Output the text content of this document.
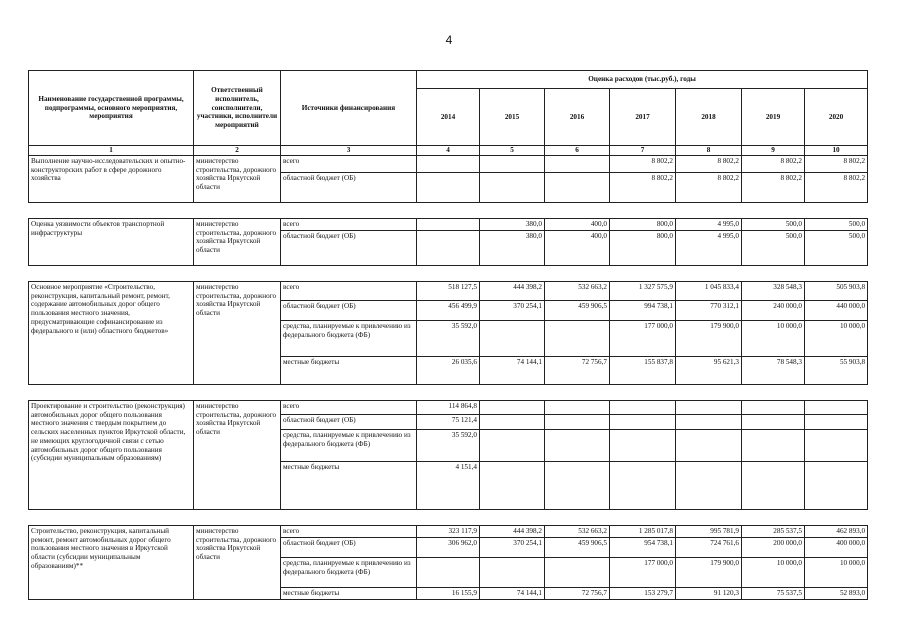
4
Наименование государственной программы, подпрограммы, основного мероприятия, мероприятия	Ответственный исполнитель, соисполнители, участники, исполнители мероприятий	Источники финансирования	Оценка расходов (тыс.руб.), годы						
			2014	2015	2016	2017	2018	2019	2020
1	2	3	4	5	6	7	8	9	10
Выполнение научно-исследовательских и опытно-конструкторских работ в сфере дорожного хозяйства	министерство строительства, дорожного хозяйства Иркутской области	всего				8 802,2	8 802,2	8 802,2	8 802,2
		областной бюджет (ОБ)				8 802,2	8 802,2	8 802,2	8 802,2

Оценка уязвимости объектов транспортной инфраструктуры	министерство строительства, дорожного хозяйства Иркутской области	всего		380,0	400,0	800,0	4 995,0	500,0	500,0
		областной бюджет (ОБ)		380,0	400,0	800,0	4 995,0	500,0	500,0

Основное мероприятие «Строительство, реконструкция, капитальный ремонт, ремонт, содержание автомобильных дорог общего пользования местного значения, предусматривающие софинансирование из федерального и (или) областного бюджетов»	министерство строительства, дорожного хозяйства Иркутской области	всего	518 127,5	444 398,2	532 663,2	1 327 575,9	1 045 833,4	328 548,3	505 903,8
		областной бюджет (ОБ)	456 499,9	370 254,1	459 906,5	994 738,1	770 312,1	240 000,0	440 000,0
		средства, планируемые к привлечению из федерального бюджета (ФБ)	35 592,0			177 000,0	179 900,0	10 000,0	10 000,0
		местные бюджеты	26 035,6	74 144,1	72 756,7	155 837,8	95 621,3	78 548,3	55 903,8

Проектирование и строительство (реконструкция) автомобильных дорог общего пользования местного значения с твердым покрытием до сельских населенных пунктов Иркутской области, не имеющих круглогодичной связи с сетью автомобильных дорог общего пользования (субсидии муниципальным образованиям)	министерство строительства, дорожного хозяйства Иркутской области	всего	114 864,8						
		областной бюджет (ОБ)	75 121,4						
		средства, планируемые к привлечению из федерального бюджета (ФБ)	35 592,0						
		местные бюджеты	4 151,4						

Строительство, реконструкция, капитальный ремонт, ремонт автомобильных дорог общего пользования местного значения в Иркутской области (субсидии муниципальным образованиям)**	министерство строительства, дорожного хозяйства Иркутской области	всего	323 117,9	444 398,2	532 663,2	1 285 017,8	995 781,9	285 537,5	462 893,0
		областной бюджет (ОБ)	306 962,0	370 254,1	459 906,5	954 738,1	724 761,6	200 000,0	400 000,0
		средства, планируемые к привлечению из федерального бюджета (ФБ)				177 000,0	179 900,0	10 000,0	10 000,0
		местные бюджеты	16 155,9	74 144,1	72 756,7	153 279,7	91 120,3	75 537,5	52 893,0
